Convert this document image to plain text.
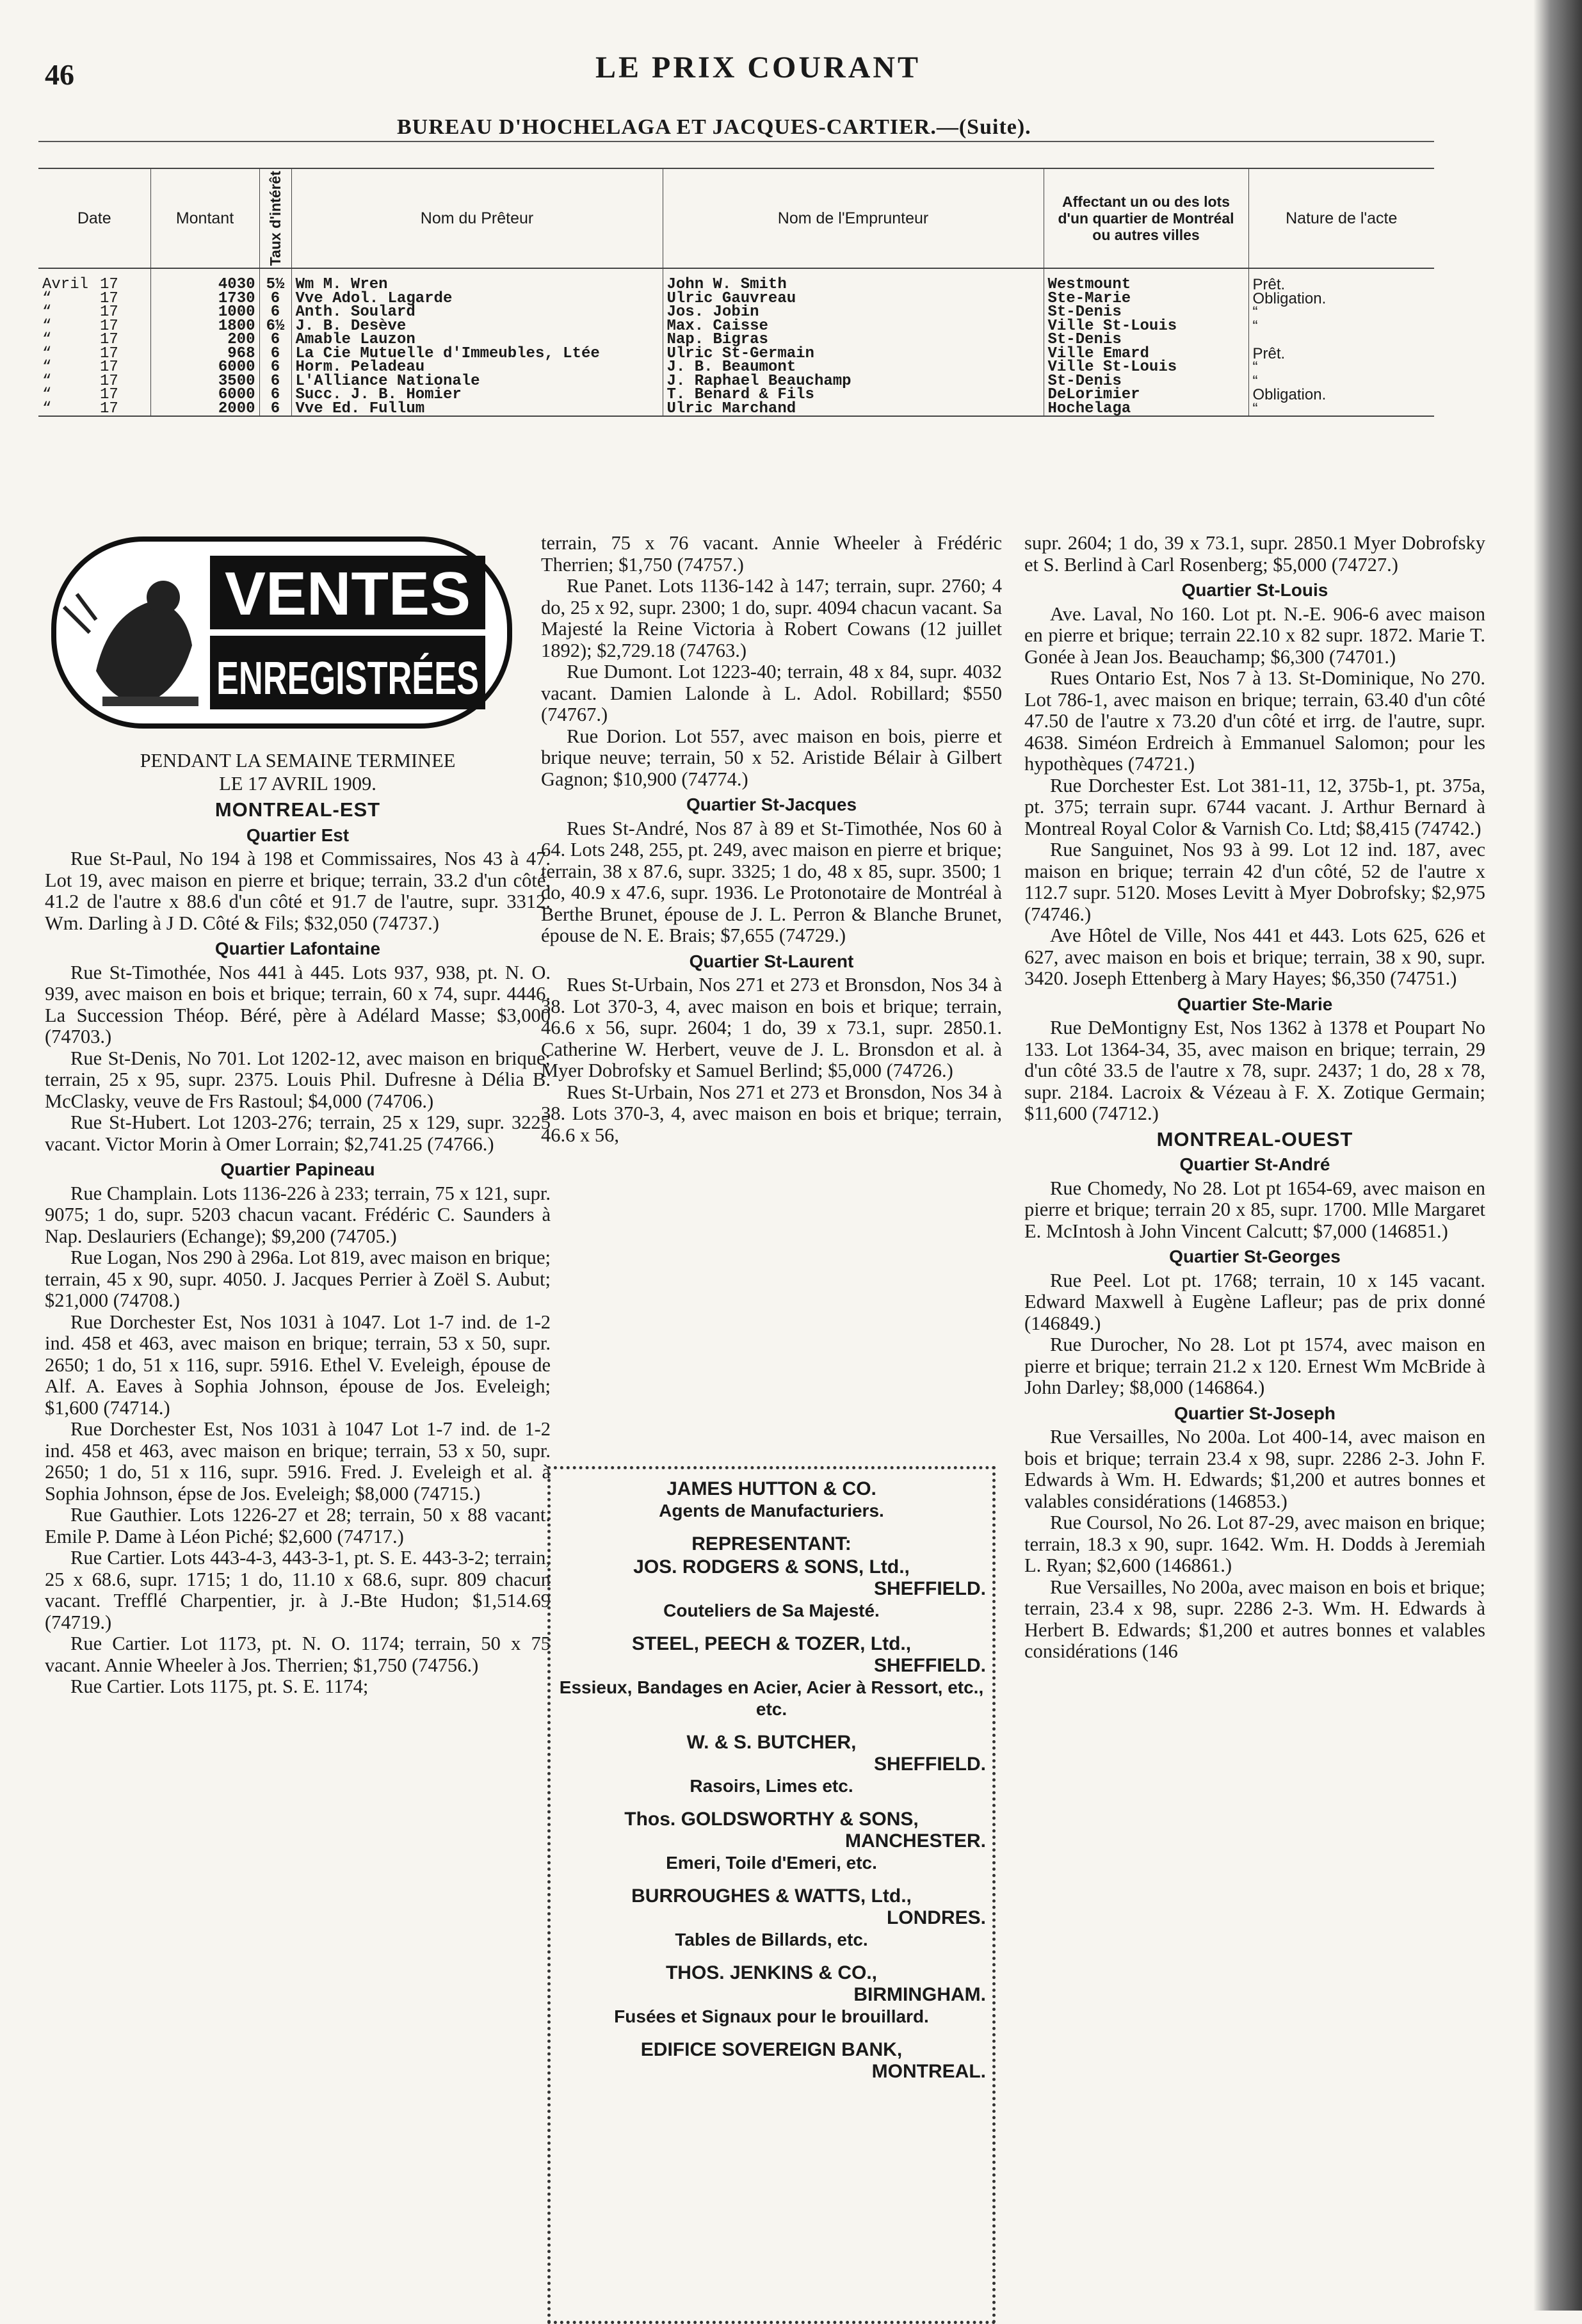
46	LE PRIX COURANT
BUREAU D'HOCHELAGA ET JACQUES-CARTIER.—(Suite).
Date	Montant	Taux d'intérêt	Nom du Prêteur	Nom de l'Emprunteur	Affectant un ou des lots d'un quartier de Montréal ou autres villes	Nature de l'acte
Avril 17	4030	5½	Wm M. Wren	John W. Smith	Westmount	Prêt.
“ 17	1730	6	Vve Adol. Lagarde	Ulric Gauvreau	Ste-Marie	Obligation.
“ 17	1000	6	Anth. Soulard	Jos. Jobin	St-Denis	“
“ 17	1800	6½	J. B. Desève	Max. Caisse	Ville St-Louis	“
“ 17	200	6	Amable Lauzon	Nap. Bigras	St-Denis	
“ 17	968	6	La Cie Mutuelle d'Immeubles, Ltée	Ulric St-Germain	Ville Emard	Prêt.
“ 17	6000	6	Horm. Peladeau	J. B. Beaumont	Ville St-Louis	“
“ 17	3500	6	L'Alliance Nationale	J. Raphael Beauchamp	St-Denis	“
“ 17	6000	6	Succ. J. B. Homier	T. Benard & Fils	DeLorimier	Obligation.
“ 17	2000	6	Vve Ed. Fullum	Ulric Marchand	Hochelaga	“
VENTES
ENREGISTRÉES
PENDANT LA SEMAINE TERMINEE
LE 17 AVRIL 1909.
MONTREAL-EST
Quartier Est

Rue St-Paul, No 194 à 198 et Commissaires, Nos 43 à 47. Lot 19, avec maison en pierre et brique; terrain, 33.2 d'un côté, 41.2 de l'autre x 88.6 d'un côté et 91.7 de l'autre, supr. 3312. Wm. Darling à J D. Côté & Fils; $32,050 (74737.)

Quartier Lafontaine

Rue St-Timothée, Nos 441 à 445. Lots 937, 938, pt. N. O. 939, avec maison en bois et brique; terrain, 60 x 74, supr. 4446. La Succession Théop. Béré, père à Adélard Masse; $3,000 (74703.)

Rue St-Denis, No 701. Lot 1202-12, avec maison en brique; terrain, 25 x 95, supr. 2375. Louis Phil. Dufresne à Délia B. McClasky, veuve de Frs Rastoul; $4,000 (74706.)

Rue St-Hubert. Lot 1203-276; terrain, 25 x 129, supr. 3225 vacant. Victor Morin à Omer Lorrain; $2,741.25 (74766.)

Quartier Papineau

Rue Champlain. Lots 1136-226 à 233; terrain, 75 x 121, supr. 9075; 1 do, supr. 5203 chacun vacant. Frédéric C. Saunders à Nap. Deslauriers (Echange); $9,200 (74705.)

Rue Logan, Nos 290 à 296a. Lot 819, avec maison en brique; terrain, 45 x 90, supr. 4050. J. Jacques Perrier à Zoël S. Aubut; $21,000 (74708.)

Rue Dorchester Est, Nos 1031 à 1047. Lot 1-7 ind. de 1-2 ind. 458 et 463, avec maison en brique; terrain, 53 x 50, supr. 2650; 1 do, 51 x 116, supr. 5916. Ethel V. Eveleigh, épouse de Alf. A. Eaves à Sophia Johnson, épouse de Jos. Eveleigh; $1,600 (74714.)

Rue Dorchester Est, Nos 1031 à 1047 Lot 1-7 ind. de 1-2 ind. 458 et 463, avec maison en brique; terrain, 53 x 50, supr. 2650; 1 do, 51 x 116, supr. 5916. Fred. J. Eveleigh et al. à Sophia Johnson, épse de Jos. Eveleigh; $8,000 (74715.)

Rue Gauthier. Lots 1226-27 et 28; terrain, 50 x 88 vacant. Emile P. Dame à Léon Piché; $2,600 (74717.)

Rue Cartier. Lots 443-4-3, 443-3-1, pt. S. E. 443-3-2; terrain, 25 x 68.6, supr. 1715; 1 do, 11.10 x 68.6, supr. 809 chacun vacant. Trefflé Charpentier, jr. à J.-Bte Hudon; $1,514.69 (74719.)

Rue Cartier. Lot 1173, pt. N. O. 1174; terrain, 50 x 75 vacant. Annie Wheeler à Jos. Therrien; $1,750 (74756.)

Rue Cartier. Lots 1175, pt. S. E. 1174;

terrain, 75 x 76 vacant. Annie Wheeler à Frédéric Therrien; $1,750 (74757.)

Rue Panet. Lots 1136-142 à 147; terrain, supr. 2760; 4 do, 25 x 92, supr. 2300; 1 do, supr. 4094 chacun vacant. Sa Majesté la Reine Victoria à Robert Cowans (12 juillet 1892); $2,729.18 (74763.)

Rue Dumont. Lot 1223-40; terrain, 48 x 84, supr. 4032 vacant. Damien Lalonde à L. Adol. Robillard; $550 (74767.)

Rue Dorion. Lot 557, avec maison en bois, pierre et brique neuve; terrain, 50 x 52. Aristide Bélair à Gilbert Gagnon; $10,900 (74774.)

Quartier St-Jacques

Rues St-André, Nos 87 à 89 et St-Timothée, Nos 60 à 64. Lots 248, 255, pt. 249, avec maison en pierre et brique; terrain, 38 x 87.6, supr. 3325; 1 do, 48 x 85, supr. 3500; 1 do, 40.9 x 47.6, supr. 1936. Le Protonotaire de Montréal à Berthe Brunet, épouse de J. L. Perron & Blanche Brunet, épouse de N. E. Brais; $7,655 (74729.)

Quartier St-Laurent

Rues St-Urbain, Nos 271 et 273 et Bronsdon, Nos 34 à 38. Lot 370-3, 4, avec maison en bois et brique; terrain, 46.6 x 56, supr. 2604; 1 do, 39 x 73.1, supr. 2850.1. Catherine W. Herbert, veuve de J. L. Bronsdon et al. à Myer Dobrofsky et Samuel Berlind; $5,000 (74726.)

Rues St-Urbain, Nos 271 et 273 et Bronsdon, Nos 34 à 38. Lots 370-3, 4, avec maison en bois et brique; terrain, 46.6 x 56,

supr. 2604; 1 do, 39 x 73.1, supr. 2850.1 Myer Dobrofsky et S. Berlind à Carl Rosenberg; $5,000 (74727.)

Quartier St-Louis

Ave. Laval, No 160. Lot pt. N.-E. 906-6 avec maison en pierre et brique; terrain 22.10 x 82 supr. 1872. Marie T. Gonée à Jean Jos. Beauchamp; $6,300 (74701.)

Rues Ontario Est, Nos 7 à 13. St-Dominique, No 270. Lot 786-1, avec maison en brique; terrain, 63.40 d'un côté 47.50 de l'autre x 73.20 d'un côté et irrg. de l'autre, supr. 4638. Siméon Erdreich à Emmanuel Salomon; pour les hypothèques (74721.)

Rue Dorchester Est. Lot 381-11, 12, 375b-1, pt. 375a, pt. 375; terrain supr. 6744 vacant. J. Arthur Bernard à Montreal Royal Color & Varnish Co. Ltd; $8,415 (74742.)

Rue Sanguinet, Nos 93 à 99. Lot 12 ind. 187, avec maison en brique; terrain 42 d'un côté, 52 de l'autre x 112.7 supr. 5120. Moses Levitt à Myer Dobrofsky; $2,975 (74746.)

Ave Hôtel de Ville, Nos 441 et 443. Lots 625, 626 et 627, avec maison en bois et brique; terrain, 38 x 90, supr. 3420. Joseph Ettenberg à Mary Hayes; $6,350 (74751.)

Quartier Ste-Marie

Rue DeMontigny Est, Nos 1362 à 1378 et Poupart No 133. Lot 1364-34, 35, avec maison en brique; terrain, 29 d'un côté 33.5 de l'autre x 78, supr. 2437; 1 do, 28 x 78, supr. 2184. Lacroix & Vézeau à F. X. Zotique Germain; $11,600 (74712.)

MONTREAL-OUEST
Quartier St-André

Rue Chomedy, No 28. Lot pt 1654-69, avec maison en pierre et brique; terrain 20 x 85, supr. 1700. Mlle Margaret E. McIntosh à John Vincent Calcutt; $7,000 (146851.)

Quartier St-Georges

Rue Peel. Lot pt. 1768; terrain, 10 x 145 vacant. Edward Maxwell à Eugène Lafleur; pas de prix donné (146849.)

Rue Durocher, No 28. Lot pt 1574, avec maison en pierre et brique; terrain 21.2 x 120. Ernest Wm McBride à John Darley; $8,000 (146864.)

Quartier St-Joseph

Rue Versailles, No 200a. Lot 400-14, avec maison en bois et brique; terrain 23.4 x 98, supr. 2286 2-3. John F. Edwards à Wm. H. Edwards; $1,200 et autres bonnes et valables considérations (146853.)

Rue Coursol, No 26. Lot 87-29, avec maison en brique; terrain, 18.3 x 90, supr. 1642. Wm. H. Dodds à Jeremiah L. Ryan; $2,600 (146861.)

Rue Versailles, No 200a, avec maison en bois et brique; terrain, 23.4 x 98, supr. 2286 2-3. Wm. H. Edwards à Herbert B. Edwards; $1,200 et autres bonnes et valables considérations (146

JAMES HUTTON & CO.
Agents de Manufacturiers.
REPRESENTANT:
JOS. RODGERS & SONS, Ltd.,
SHEFFIELD.
Couteliers de Sa Majesté.
STEEL, PEECH & TOZER, Ltd.,
SHEFFIELD.
Essieux, Bandages en Acier, Acier à Ressort, etc., etc.
W. & S. BUTCHER,
SHEFFIELD.
Rasoirs, Limes etc.
Thos. GOLDSWORTHY & SONS,
MANCHESTER.
Emeri, Toile d'Emeri, etc.
BURROUGHES & WATTS, Ltd.,
LONDRES.
Tables de Billards, etc.
THOS. JENKINS & CO.,
BIRMINGHAM.
Fusées et Signaux pour le brouillard.
EDIFICE SOVEREIGN BANK,
MONTREAL.
